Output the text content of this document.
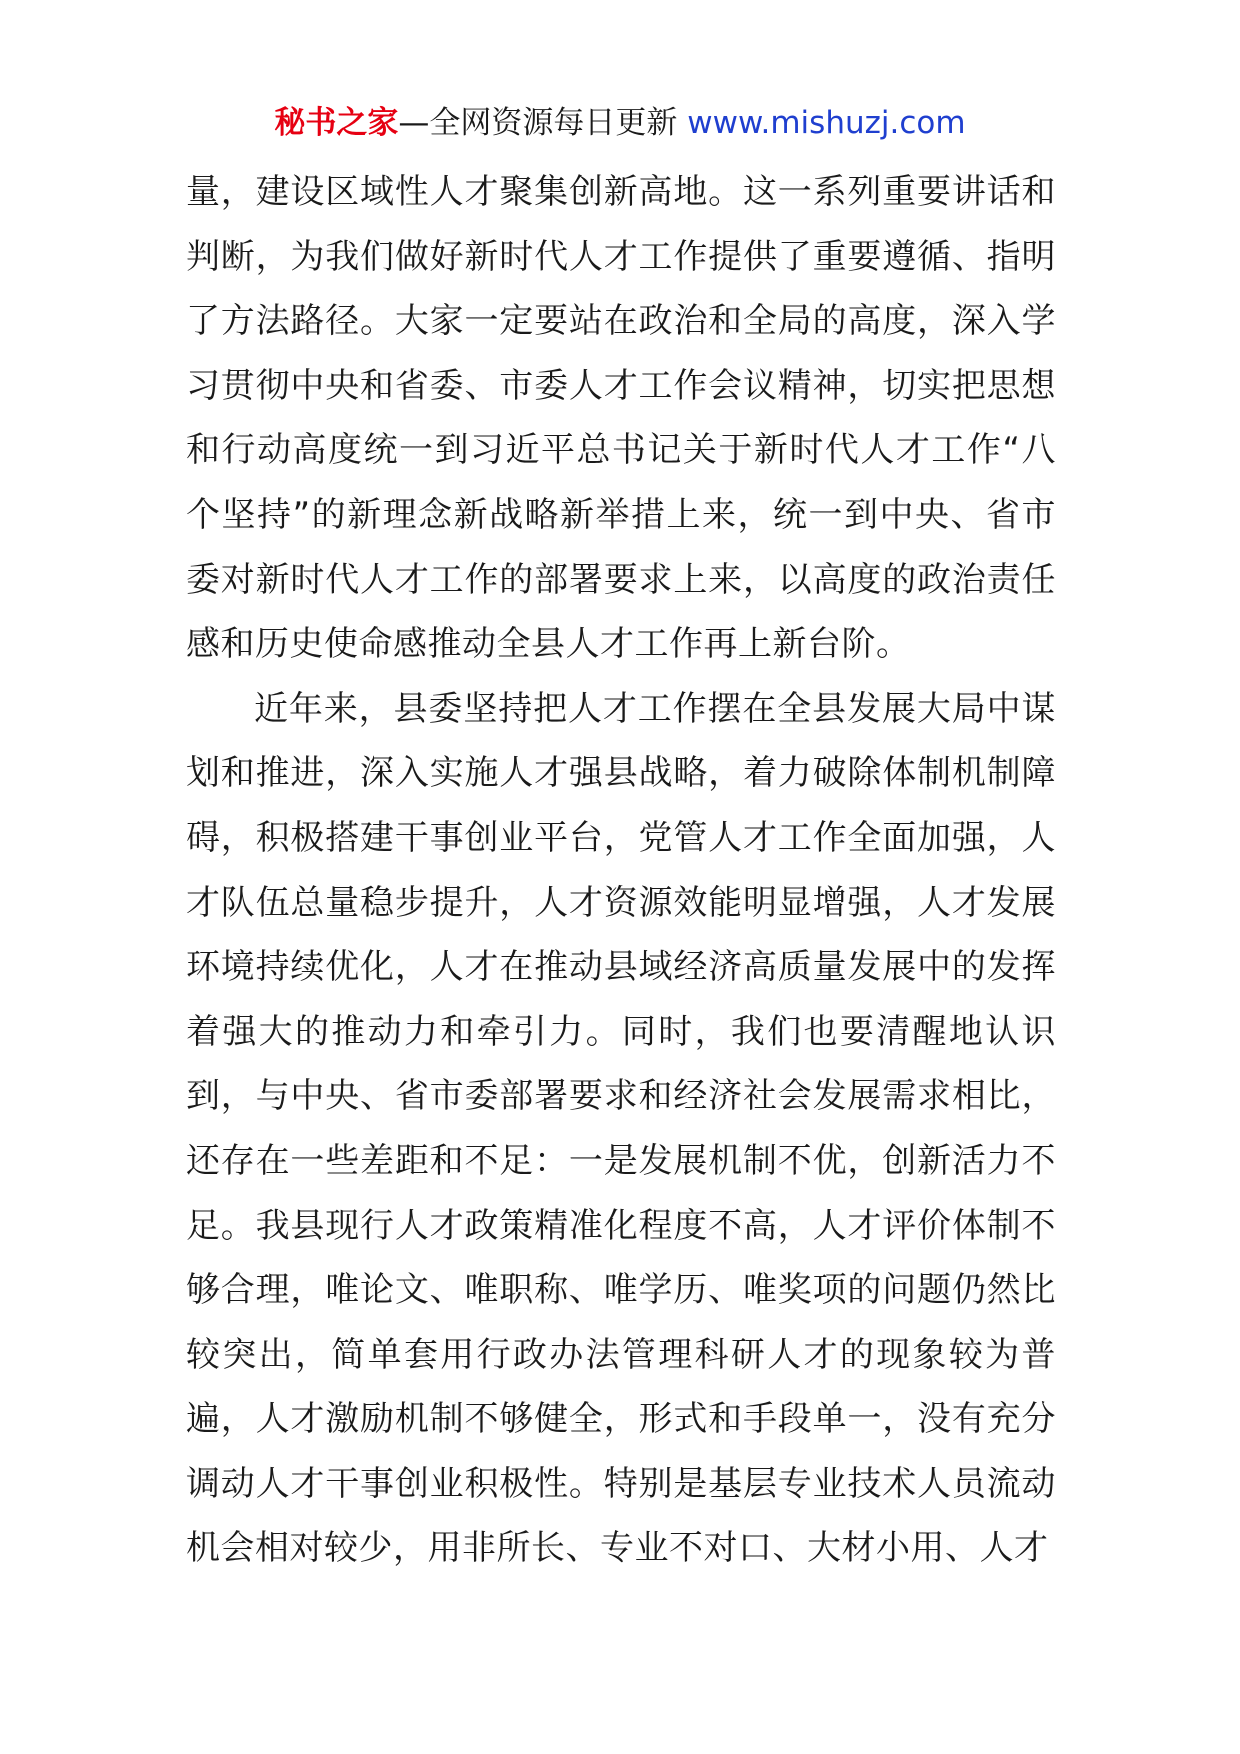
秘书之家—全网资源每日更新 www.mishuzj.com

量，建设区域性人才聚集创新高地。这一系列重要讲话和判断，为我们做好新时代人才工作提供了重要遵循、指明了方法路径。大家一定要站在政治和全局的高度，深入学习贯彻中央和省委、市委人才工作会议精神，切实把思想和行动高度统一到习近平总书记关于新时代人才工作“八个坚持”的新理念新战略新举措上来，统一到中央、省市委对新时代人才工作的部署要求上来，以高度的政治责任感和历史使命感推动全县人才工作再上新台阶。

近年来，县委坚持把人才工作摆在全县发展大局中谋划和推进，深入实施人才强县战略，着力破除体制机制障碍，积极搭建干事创业平台，党管人才工作全面加强，人才队伍总量稳步提升，人才资源效能明显增强，人才发展环境持续优化，人才在推动县域经济高质量发展中的发挥着强大的推动力和牵引力。同时，我们也要清醒地认识到，与中央、省市委部署要求和经济社会发展需求相比，还存在一些差距和不足：一是发展机制不优，创新活力不足。我县现行人才政策精准化程度不高，人才评价体制不够合理，唯论文、唯职称、唯学历、唯奖项的问题仍然比较突出，简单套用行政办法管理科研人才的现象较为普遍，人才激励机制不够健全，形式和手段单一，没有充分调动人才干事创业积极性。特别是基层专业技术人员流动机会相对较少，用非所长、专业不对口、大材小用、人才
